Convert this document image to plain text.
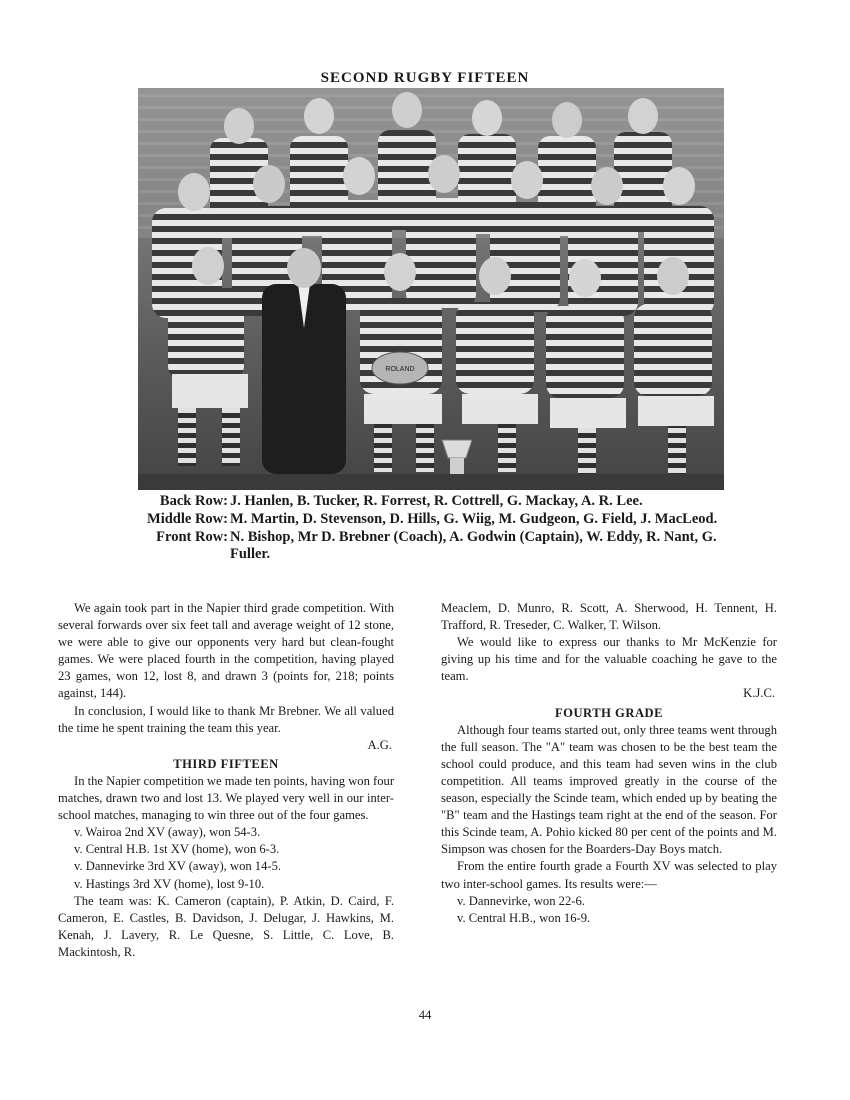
SECOND RUGBY FIFTEEN
ROLAND
Back Row: J. Hanlen, B. Tucker, R. Forrest, R. Cottrell, G. Mackay, A. R. Lee.
Middle Row: M. Martin, D. Stevenson, D. Hills, G. Wiig, M. Gudgeon, G. Field, J. MacLeod.
Front Row: N. Bishop, Mr D. Brebner (Coach), A. Godwin (Captain), W. Eddy, R. Nant, G. Fuller.

We again took part in the Napier third grade competition. With several forwards over six feet tall and average weight of 12 stone, we were able to give our opponents very hard but clean-fought games. We were placed fourth in the competition, having played 23 games, won 12, lost 8, and drawn 3 (points for, 218; points against, 144).

In conclusion, I would like to thank Mr Brebner. We all valued the time he spent training the team this year.

A.G.

THIRD FIFTEEN

In the Napier competition we made ten points, having won four matches, drawn two and lost 13. We played very well in our inter-school matches, managing to win three out of the four games.

v. Wairoa 2nd XV (away), won 54-3.
v. Central H.B. 1st XV (home), won 6-3.
v. Dannevirke 3rd XV (away), won 14-5.
v. Hastings 3rd XV (home), lost 9-10.

The team was: K. Cameron (captain), P. Atkin, D. Caird, F. Cameron, E. Castles, B. Davidson, J. Delugar, J. Hawkins, M. Kenah, J. Lavery, R. Le Quesne, S. Little, C. Love, B. Mackintosh, R.

Meaclem, D. Munro, R. Scott, A. Sherwood, H. Tennent, H. Trafford, R. Treseder, C. Walker, T. Wilson.

We would like to express our thanks to Mr McKenzie for giving up his time and for the valuable coaching he gave to the team.

K.J.C.

FOURTH GRADE

Although four teams started out, only three teams went through the full season. The "A" team was chosen to be the best team the school could produce, and this team had seven wins in the club competition. All teams improved greatly in the course of the season, especially the Scinde team, which ended up by beating the "B" team and the Hastings team right at the end of the season. For this Scinde team, A. Pohio kicked 80 per cent of the points and M. Simpson was chosen for the Boarders-Day Boys match.

From the entire fourth grade a Fourth XV was selected to play two inter-school games. Its results were:—

v. Dannevirke, won 22-6.
v. Central H.B., won 16-9.
44
